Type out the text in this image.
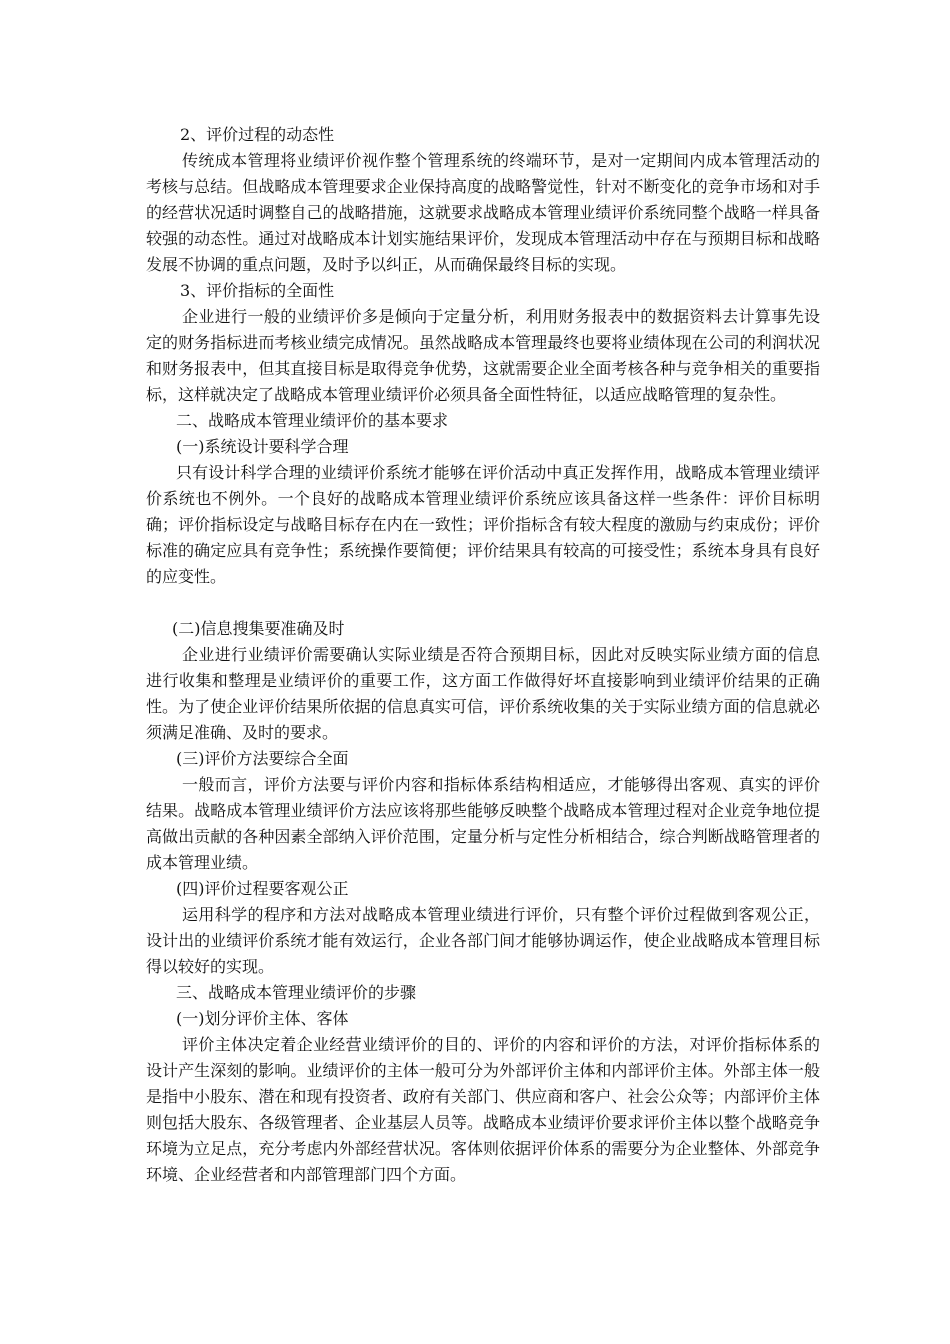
2、评价过程的动态性

传统成本管理将业绩评价视作整个管理系统的终端环节，是对一定期间内成本管理活动的考核与总结。但战略成本管理要求企业保持高度的战略警觉性，针对不断变化的竞争市场和对手的经营状况适时调整自己的战略措施，这就要求战略成本管理业绩评价系统同整个战略一样具备较强的动态性。通过对战略成本计划实施结果评价，发现成本管理活动中存在与预期目标和战略发展不协调的重点问题，及时予以纠正，从而确保最终目标的实现。

3、评价指标的全面性

企业进行一般的业绩评价多是倾向于定量分析，利用财务报表中的数据资料去计算事先设定的财务指标进而考核业绩完成情况。虽然战略成本管理最终也要将业绩体现在公司的利润状况和财务报表中，但其直接目标是取得竞争优势，这就需要企业全面考核各种与竞争相关的重要指标，这样就决定了战略成本管理业绩评价必须具备全面性特征，以适应战略管理的复杂性。

二、战略成本管理业绩评价的基本要求

(一)系统设计要科学合理

只有设计科学合理的业绩评价系统才能够在评价活动中真正发挥作用，战略成本管理业绩评价系统也不例外。一个良好的战略成本管理业绩评价系统应该具备这样一些条件：评价目标明确；评价指标设定与战略目标存在内在一致性；评价指标含有较大程度的激励与约束成份；评价标准的确定应具有竞争性；系统操作要简便；评价结果具有较高的可接受性；系统本身具有良好的应变性。

(二)信息搜集要准确及时

企业进行业绩评价需要确认实际业绩是否符合预期目标，因此对反映实际业绩方面的信息进行收集和整理是业绩评价的重要工作，这方面工作做得好坏直接影响到业绩评价结果的正确性。为了使企业评价结果所依据的信息真实可信，评价系统收集的关于实际业绩方面的信息就必须满足准确、及时的要求。

(三)评价方法要综合全面

一般而言，评价方法要与评价内容和指标体系结构相适应，才能够得出客观、真实的评价结果。战略成本管理业绩评价方法应该将那些能够反映整个战略成本管理过程对企业竞争地位提高做出贡献的各种因素全部纳入评价范围，定量分析与定性分析相结合，综合判断战略管理者的成本管理业绩。

(四)评价过程要客观公正

运用科学的程序和方法对战略成本管理业绩进行评价，只有整个评价过程做到客观公正，设计出的业绩评价系统才能有效运行，企业各部门间才能够协调运作，使企业战略成本管理目标得以较好的实现。

三、战略成本管理业绩评价的步骤

(一)划分评价主体、客体

评价主体决定着企业经营业绩评价的目的、评价的内容和评价的方法，对评价指标体系的设计产生深刻的影响。业绩评价的主体一般可分为外部评价主体和内部评价主体。外部主体一般是指中小股东、潜在和现有投资者、政府有关部门、供应商和客户、社会公众等；内部评价主体则包括大股东、各级管理者、企业基层人员等。战略成本业绩评价要求评价主体以整个战略竞争环境为立足点，充分考虑内外部经营状况。客体则依据评价体系的需要分为企业整体、外部竞争环境、企业经营者和内部管理部门四个方面。
